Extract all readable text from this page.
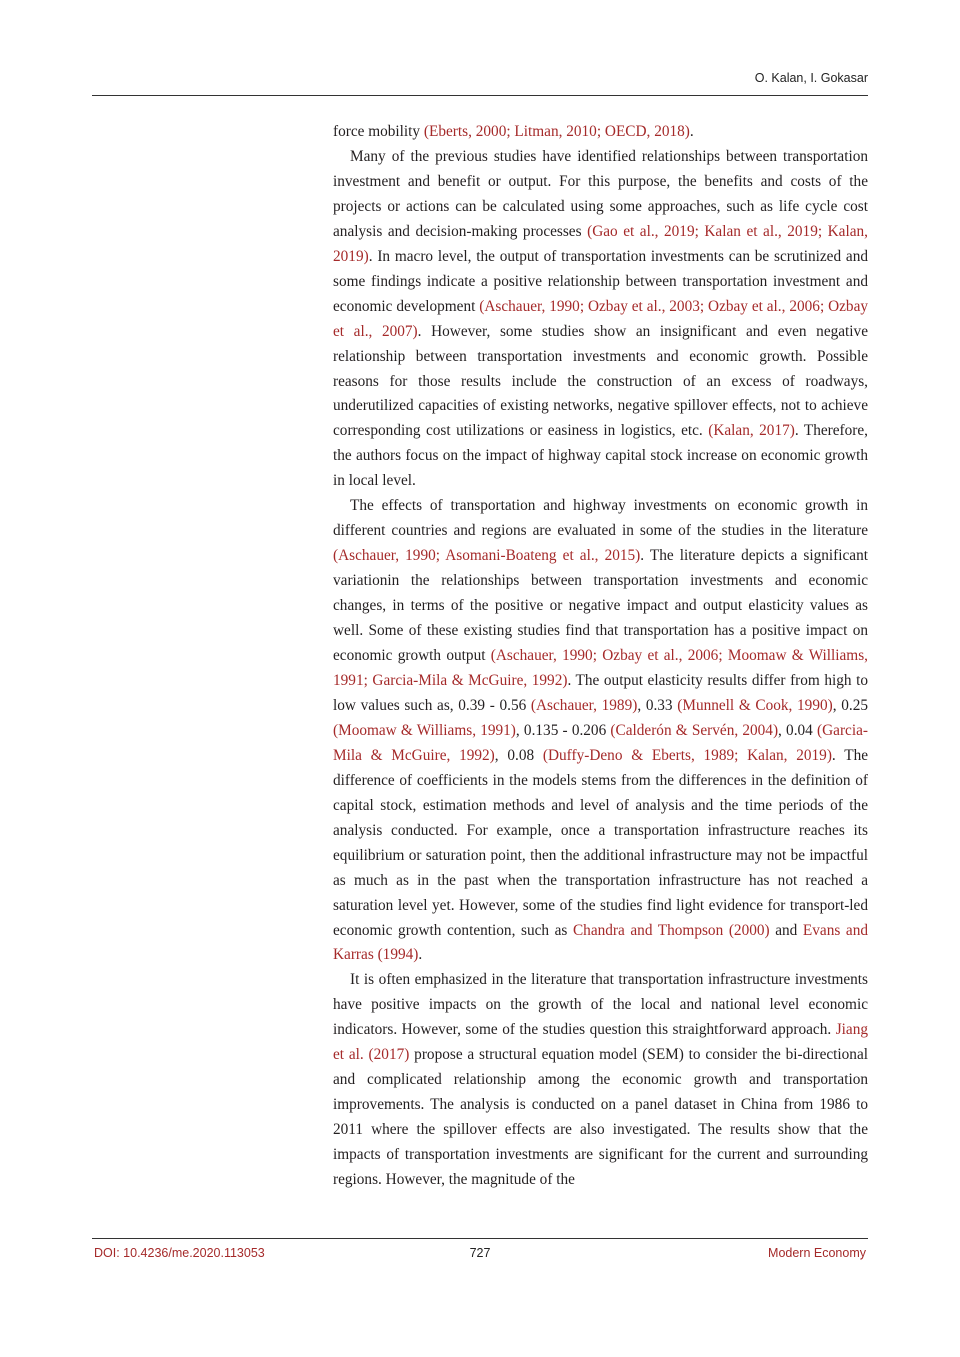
O. Kalan, I. Gokasar

force mobility (Eberts, 2000; Litman, 2010; OECD, 2018).

Many of the previous studies have identified relationships between transportation investment and benefit or output. For this purpose, the benefits and costs of the projects or actions can be calculated using some approaches, such as life cycle cost analysis and decision-making processes (Gao et al., 2019; Kalan et al., 2019; Kalan, 2019). In macro level, the output of transportation investments can be scrutinized and some findings indicate a positive relationship between transportation investment and economic development (Aschauer, 1990; Ozbay et al., 2003; Ozbay et al., 2006; Ozbay et al., 2007). However, some studies show an insignificant and even negative relationship between transportation investments and economic growth. Possible reasons for those results include the construction of an excess of roadways, underutilized capacities of existing networks, negative spillover effects, not to achieve corresponding cost utilizations or easiness in logistics, etc. (Kalan, 2017). Therefore, the authors focus on the impact of highway capital stock increase on economic growth in local level.

The effects of transportation and highway investments on economic growth in different countries and regions are evaluated in some of the studies in the literature (Aschauer, 1990; Asomani-Boateng et al., 2015). The literature depicts a significant variationin the relationships between transportation investments and economic changes, in terms of the positive or negative impact and output elasticity values as well. Some of these existing studies find that transportation has a positive impact on economic growth output (Aschauer, 1990; Ozbay et al., 2006; Moomaw & Williams, 1991; Garcia-Mila & McGuire, 1992). The output elasticity results differ from high to low values such as, 0.39 - 0.56 (Aschauer, 1989), 0.33 (Munnell & Cook, 1990), 0.25 (Moomaw & Williams, 1991), 0.135 - 0.206 (Calderón & Servén, 2004), 0.04 (Garcia-Mila & McGuire, 1992), 0.08 (Duffy-Deno & Eberts, 1989; Kalan, 2019). The difference of coefficients in the models stems from the differences in the definition of capital stock, estimation methods and level of analysis and the time periods of the analysis conducted. For example, once a transportation infrastructure reaches its equilibrium or saturation point, then the additional infrastructure may not be impactful as much as in the past when the transportation infrastructure has not reached a saturation level yet. However, some of the studies find light evidence for transport-led economic growth contention, such as Chandra and Thompson (2000) and Evans and Karras (1994).

It is often emphasized in the literature that transportation infrastructure investments have positive impacts on the growth of the local and national level economic indicators. However, some of the studies question this straightforward approach. Jiang et al. (2017) propose a structural equation model (SEM) to consider the bi-directional and complicated relationship among the economic growth and transportation improvements. The analysis is conducted on a panel dataset in China from 1986 to 2011 where the spillover effects are also investigated. The results show that the impacts of transportation investments are significant for the current and surrounding regions. However, the magnitude of the

DOI: 10.4236/me.2020.113053	727	Modern Economy
